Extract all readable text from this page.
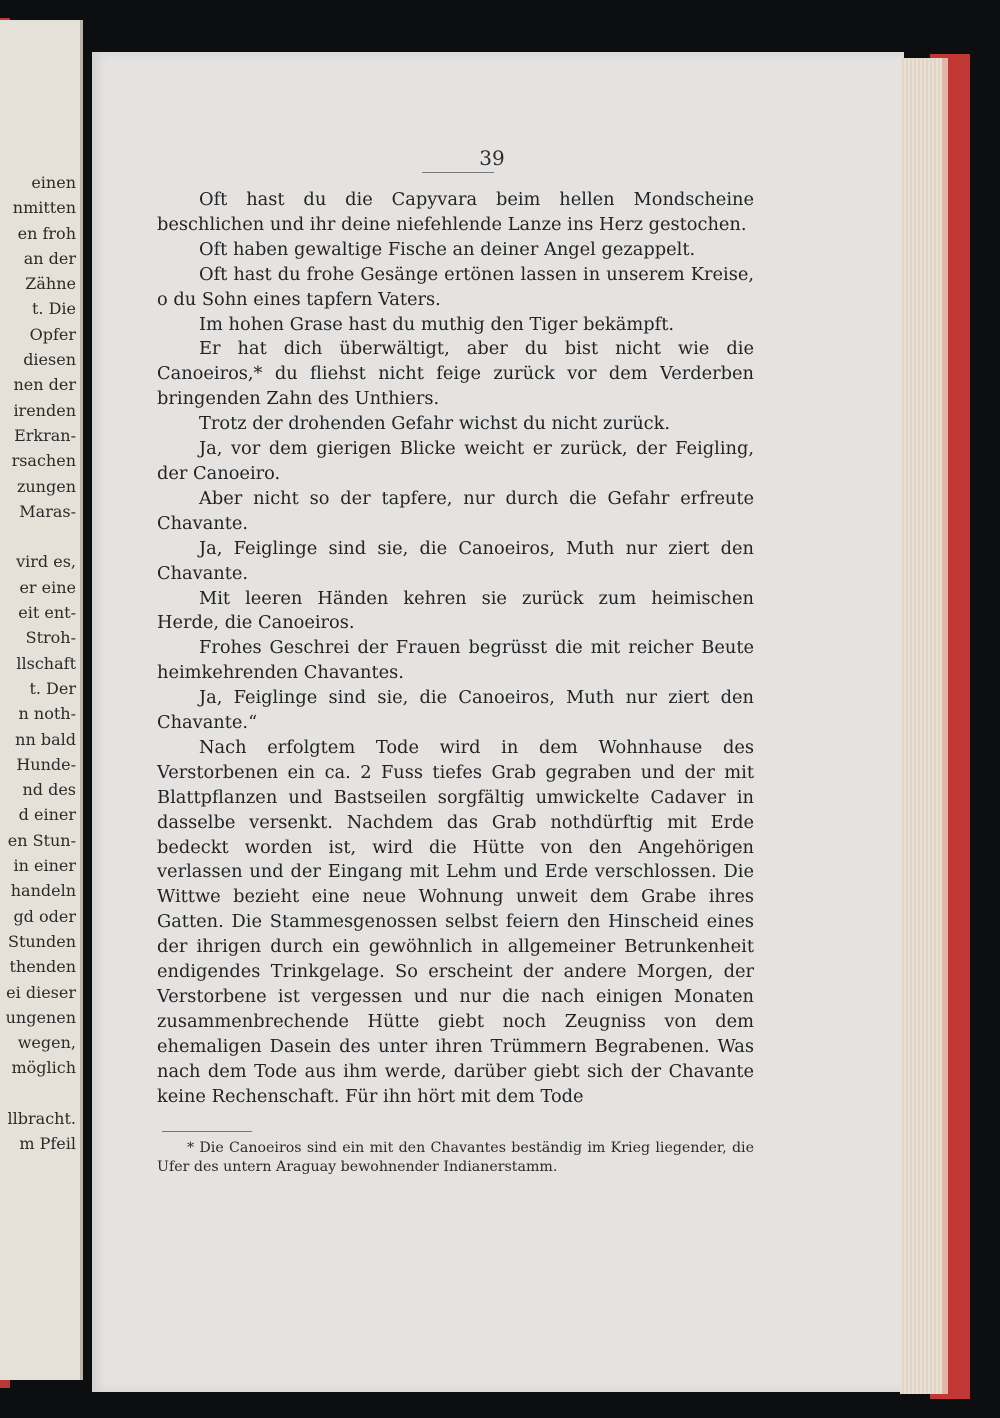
einen
nmitten
en froh
an der
Zähne
t. Die
Opfer
diesen
nen der
irenden
Erkran-
rsachen
zungen
Maras-
vird es,
er eine
eit ent-
Stroh-
llschaft
t. Der
n noth-
nn bald
Hunde-
nd des
d einer
en Stun-
in einer
handeln
gd oder
Stunden
thenden
ei dieser
ungenen
wegen,
möglich
llbracht.
m Pfeil
39

Oft hast du die Capyvara beim hellen Mondscheine beschlichen und ihr deine niefehlende Lanze ins Herz gestochen.

Oft haben gewaltige Fische an deiner Angel gezappelt.

Oft hast du frohe Gesänge ertönen lassen in unserem Kreise, o du Sohn eines tapfern Vaters.

Im hohen Grase hast du muthig den Tiger bekämpft.

Er hat dich überwältigt, aber du bist nicht wie die Canoeiros,* du fliehst nicht feige zurück vor dem Verderben bringenden Zahn des Unthiers.

Trotz der drohenden Gefahr wichst du nicht zurück.

Ja, vor dem gierigen Blicke weicht er zurück, der Feigling, der Canoeiro.

Aber nicht so der tapfere, nur durch die Gefahr erfreute Chavante.

Ja, Feiglinge sind sie, die Canoeiros, Muth nur ziert den Chavante.

Mit leeren Händen kehren sie zurück zum heimischen Herde, die Canoeiros.

Frohes Geschrei der Frauen begrüsst die mit reicher Beute heimkehrenden Chavantes.

Ja, Feiglinge sind sie, die Canoeiros, Muth nur ziert den Chavante.“

Nach erfolgtem Tode wird in dem Wohnhause des Verstorbenen ein ca. 2 Fuss tiefes Grab gegraben und der mit Blattpflanzen und Bastseilen sorgfältig umwickelte Cadaver in dasselbe versenkt. Nachdem das Grab nothdürftig mit Erde bedeckt worden ist, wird die Hütte von den Angehörigen verlassen und der Eingang mit Lehm und Erde verschlossen. Die Wittwe bezieht eine neue Wohnung unweit dem Grabe ihres Gatten. Die Stammesgenossen selbst feiern den Hinscheid eines der ihrigen durch ein gewöhnlich in allgemeiner Betrunkenheit endigendes Trinkgelage. So erscheint der andere Morgen, der Verstorbene ist vergessen und nur die nach einigen Monaten zusammenbrechende Hütte giebt noch Zeugniss von dem ehemaligen Dasein des unter ihren Trümmern Begrabenen. Was nach dem Tode aus ihm werde, darüber giebt sich der Chavante keine Rechenschaft. Für ihn hört mit dem Tode

* Die Canoeiros sind ein mit den Chavantes beständig im Krieg liegender, die Ufer des untern Araguay bewohnender Indianerstamm.
